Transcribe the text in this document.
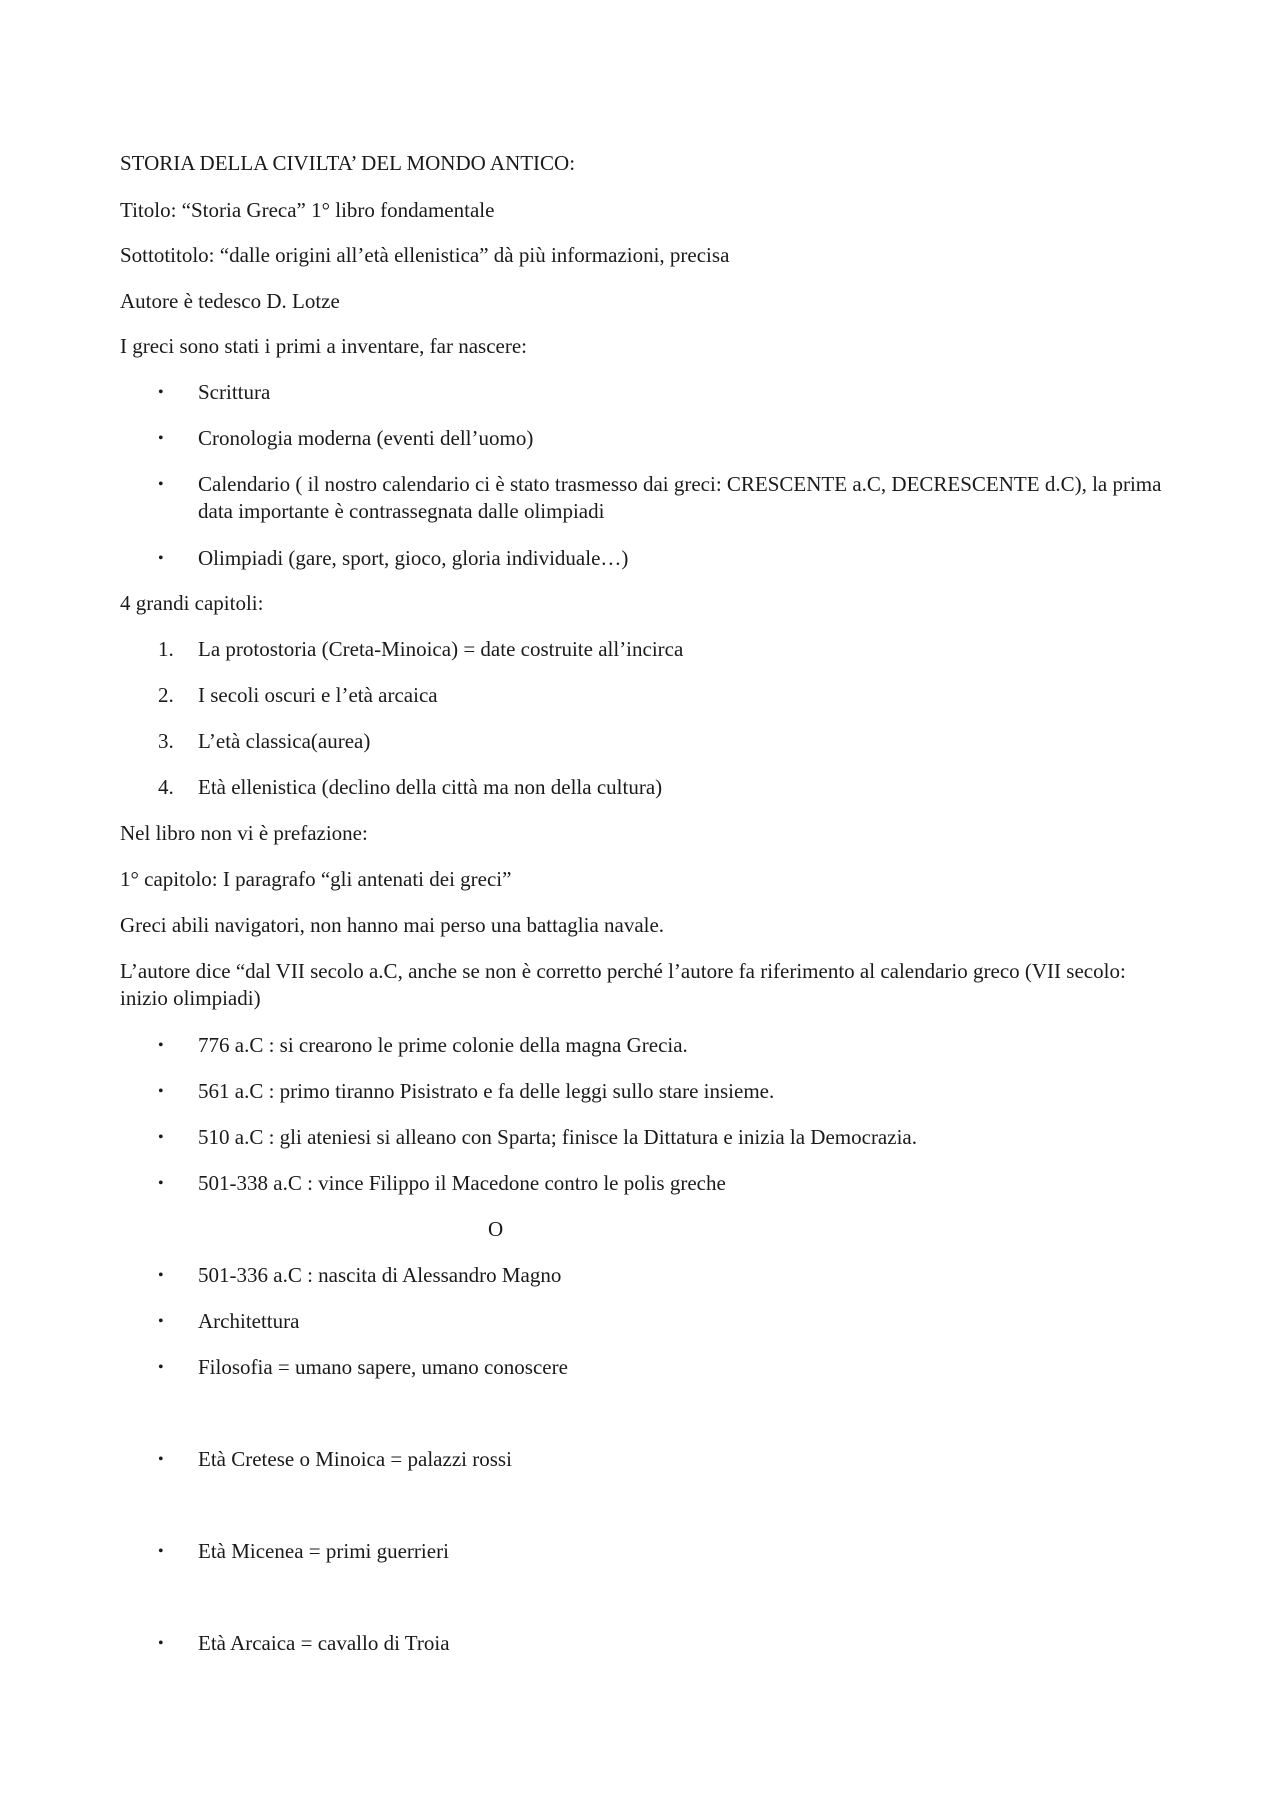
STORIA DELLA CIVILTA’ DEL MONDO ANTICO:

Titolo: “Storia Greca” 1° libro fondamentale

Sottotitolo: “dalle origini all’età ellenistica” dà più informazioni, precisa

Autore è tedesco D. Lotze

I greci sono stati i primi a inventare, far nascere:

•	Scrittura
•	Cronologia moderna (eventi dell’uomo)
•	Calendario ( il nostro calendario ci è stato trasmesso dai greci: CRESCENTE a.C, DECRESCENTE d.C), la prima data importante è contrassegnata dalle olimpiadi
•	Olimpiadi (gare, sport, gioco, gloria individuale…)

4 grandi capitoli:

1.	La protostoria (Creta-Minoica) = date costruite all’incirca
2.	I secoli oscuri e l’età arcaica
3.	L’età classica(aurea)
4.	Età ellenistica (declino della città ma non della cultura)

Nel libro non vi è prefazione:

1° capitolo: I paragrafo “gli antenati dei greci”

Greci abili navigatori, non hanno mai perso una battaglia navale.

L’autore dice “dal VII secolo a.C, anche se non è corretto perché l’autore fa riferimento al calendario greco (VII secolo: inizio olimpiadi)

•	776 a.C : si crearono le prime colonie della magna Grecia.
•	561 a.C : primo tiranno Pisistrato e fa delle leggi sullo stare insieme.
•	510 a.C : gli ateniesi si alleano con Sparta; finisce la Dittatura e inizia la Democrazia.
•	501-338 a.C : vince Filippo il Macedone contro le polis greche
O
•	501-336 a.C : nascita di Alessandro Magno
•	Architettura
•	Filosofia = umano sapere, umano conoscere
•	Età Cretese o Minoica = palazzi rossi
•	Età Micenea = primi guerrieri
•	Età Arcaica = cavallo di Troia
